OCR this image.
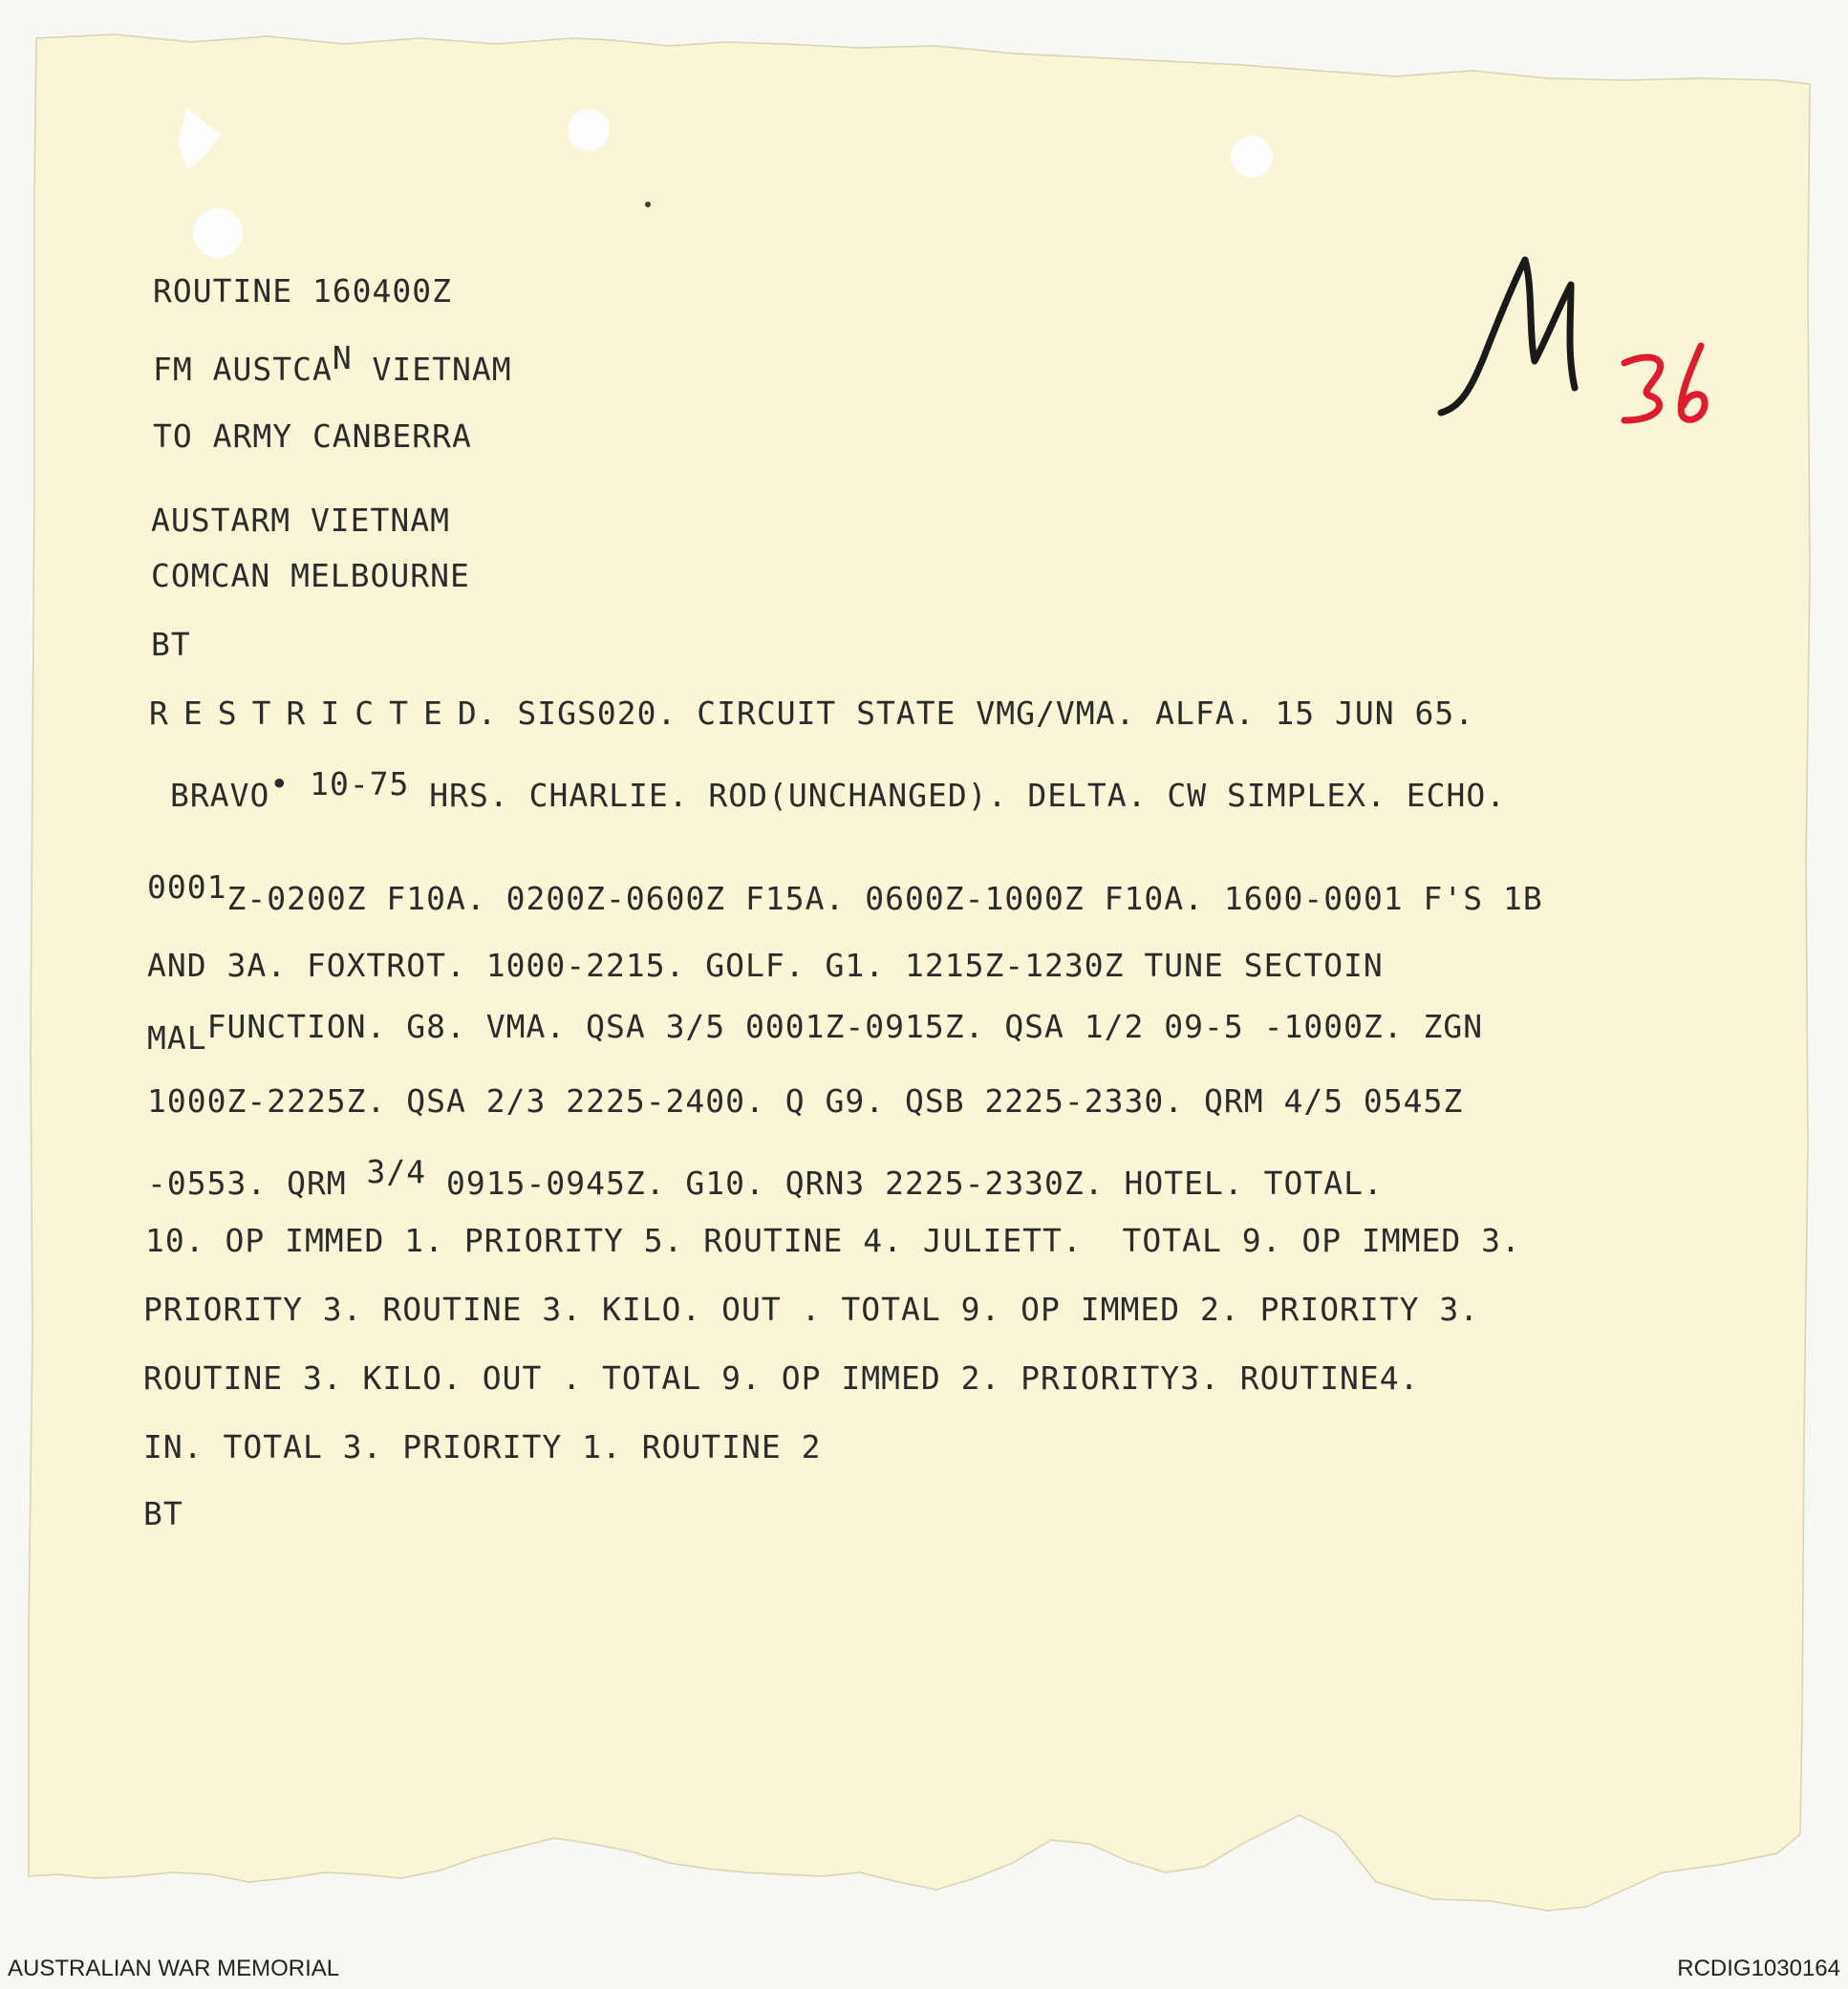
ROUTINE 160400Z
FM AUSTCAN VIETNAM
TO ARMY CANBERRA
AUSTARM VIETNAM
COMCAN MELBOURNE
BT
RESTRICTED. SIGS020. CIRCUIT STATE VMG/VMA. ALFA. 15 JUN 65.
BRAVO• 10-75 HRS. CHARLIE. ROD(UNCHANGED). DELTA. CW SIMPLEX. ECHO.
0001Z-0200Z F10A. 0200Z-0600Z F15A. 0600Z-1000Z F10A. 1600-0001 F'S 1B
AND 3A. FOXTROT. 1000-2215. GOLF. G1. 1215Z-1230Z TUNE SECTOIN
MALFUNCTION. G8. VMA. QSA 3/5 0001Z-0915Z. QSA 1/2 09-5 -1000Z. ZGN
1000Z-2225Z. QSA 2/3 2225-2400. Q G9. QSB 2225-2330. QRM 4/5 0545Z
-0553. QRM 3/4 0915-0945Z. G10. QRN3 2225-2330Z. HOTEL. TOTAL.
10. OP IMMED 1. PRIORITY 5. ROUTINE 4. JULIETT.  TOTAL 9. OP IMMED 3.
PRIORITY 3. ROUTINE 3. KILO. OUT . TOTAL 9. OP IMMED 2. PRIORITY 3.
ROUTINE 3. KILO. OUT . TOTAL 9. OP IMMED 2. PRIORITY3. ROUTINE4.
IN. TOTAL 3. PRIORITY 1. ROUTINE 2
BT
AUSTRALIAN WAR MEMORIAL	RCDIG1030164
